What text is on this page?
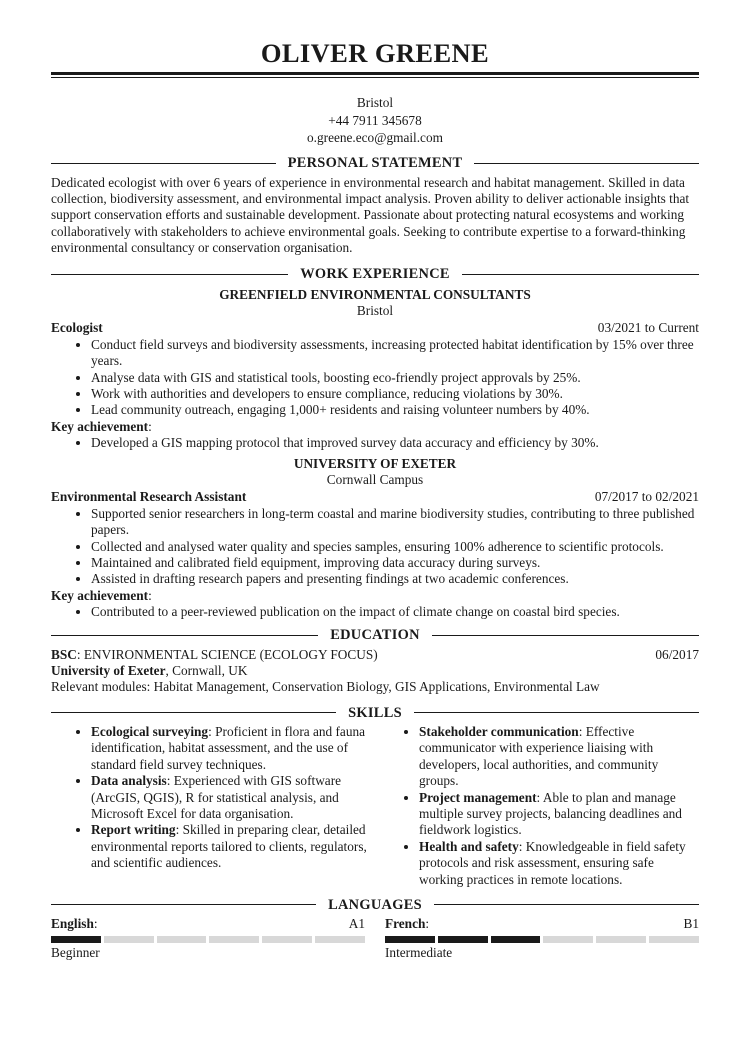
OLIVER GREENE
Bristol
+44 7911 345678
o.greene.eco@gmail.com
PERSONAL STATEMENT

Dedicated ecologist with over 6 years of experience in environmental research and habitat management. Skilled in data collection, biodiversity assessment, and environmental impact analysis. Proven ability to deliver actionable insights that support conservation efforts and sustainable development. Passionate about protecting natural ecosystems and working collaboratively with stakeholders to achieve environmental goals. Seeking to contribute expertise to a forward-thinking environmental consultancy or conservation organisation.

WORK EXPERIENCE
GREENFIELD ENVIRONMENTAL CONSULTANTS
Bristol
Ecologist	03/2021 to Current
• Conduct field surveys and biodiversity assessments, increasing protected habitat identification by 15% over three years.
• Analyse data with GIS and statistical tools, boosting eco-friendly project approvals by 25%.
• Work with authorities and developers to ensure compliance, reducing violations by 30%.
• Lead community outreach, engaging 1,000+ residents and raising volunteer numbers by 40%.
Key achievement:
• Developed a GIS mapping protocol that improved survey data accuracy and efficiency by 30%.
UNIVERSITY OF EXETER
Cornwall Campus
Environmental Research Assistant	07/2017 to 02/2021
• Supported senior researchers in long-term coastal and marine biodiversity studies, contributing to three published papers.
• Collected and analysed water quality and species samples, ensuring 100% adherence to scientific protocols.
• Maintained and calibrated field equipment, improving data accuracy during surveys.
• Assisted in drafting research papers and presenting findings at two academic conferences.
Key achievement:
• Contributed to a peer-reviewed publication on the impact of climate change on coastal bird species.
EDUCATION
BSC: ENVIRONMENTAL SCIENCE (ECOLOGY FOCUS)	06/2017
University of Exeter, Cornwall, UK
Relevant modules: Habitat Management, Conservation Biology, GIS Applications, Environmental Law
SKILLS
• Ecological surveying: Proficient in flora and fauna identification, habitat assessment, and the use of standard field survey techniques.
• Data analysis: Experienced with GIS software (ArcGIS, QGIS), R for statistical analysis, and Microsoft Excel for data organisation.
• Report writing: Skilled in preparing clear, detailed environmental reports tailored to clients, regulators, and scientific audiences.
• Stakeholder communication: Effective communicator with experience liaising with developers, local authorities, and community groups.
• Project management: Able to plan and manage multiple survey projects, balancing deadlines and fieldwork logistics.
• Health and safety: Knowledgeable in field safety protocols and risk assessment, ensuring safe working practices in remote locations.
LANGUAGES
English:	A1
Beginner
French:	B1
Intermediate
